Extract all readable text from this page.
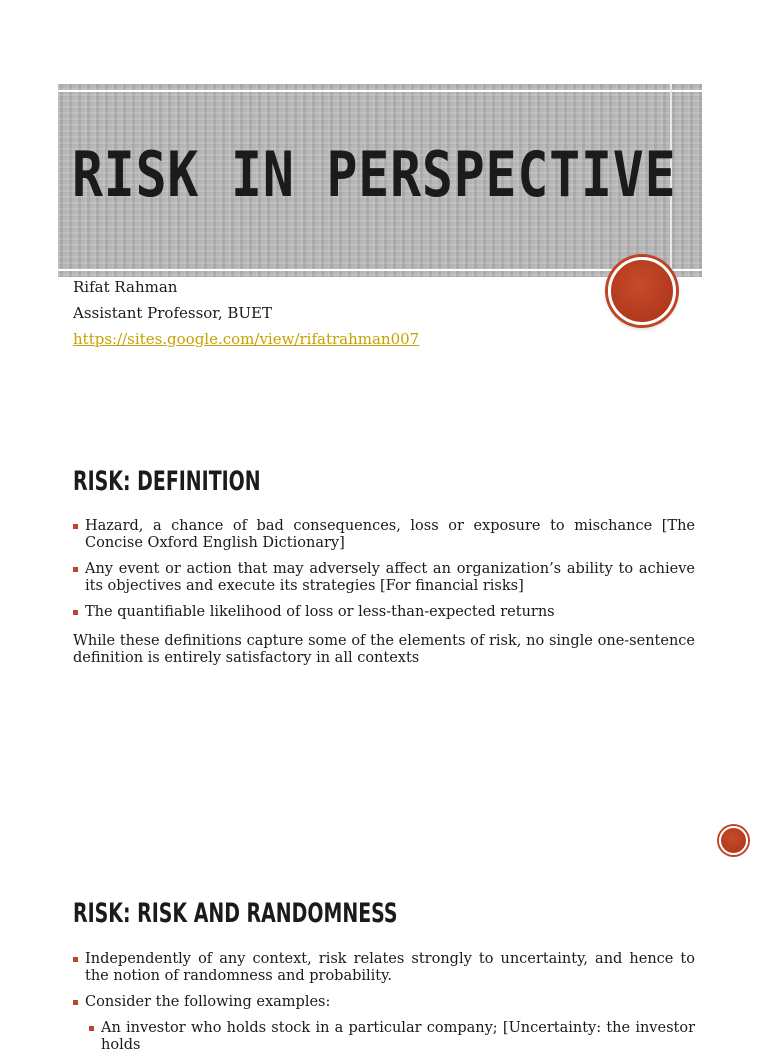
RISK IN PERSPECTIVE
Rifat Rahman
Assistant Professor, BUET
https://sites.google.com/view/rifatrahman007
RISK: DEFINITION
Hazard, a chance of bad consequences, loss or exposure to mischance [The Concise Oxford English Dictionary]
Any event or action that may adversely affect an organization’s ability to achieve its objectives and execute its strategies [For financial risks]
The quantifiable likelihood of loss or less-than-expected returns
While these definitions capture some of the elements of risk, no single one-sentence definition is entirely satisfactory in all contexts
RISK: RISK AND RANDOMNESS
Independently of any context, risk relates strongly to uncertainty, and hence to the notion of randomness and probability.
Consider the following examples:
An investor who holds stock in a particular company; [Uncertainty: the investor holds
